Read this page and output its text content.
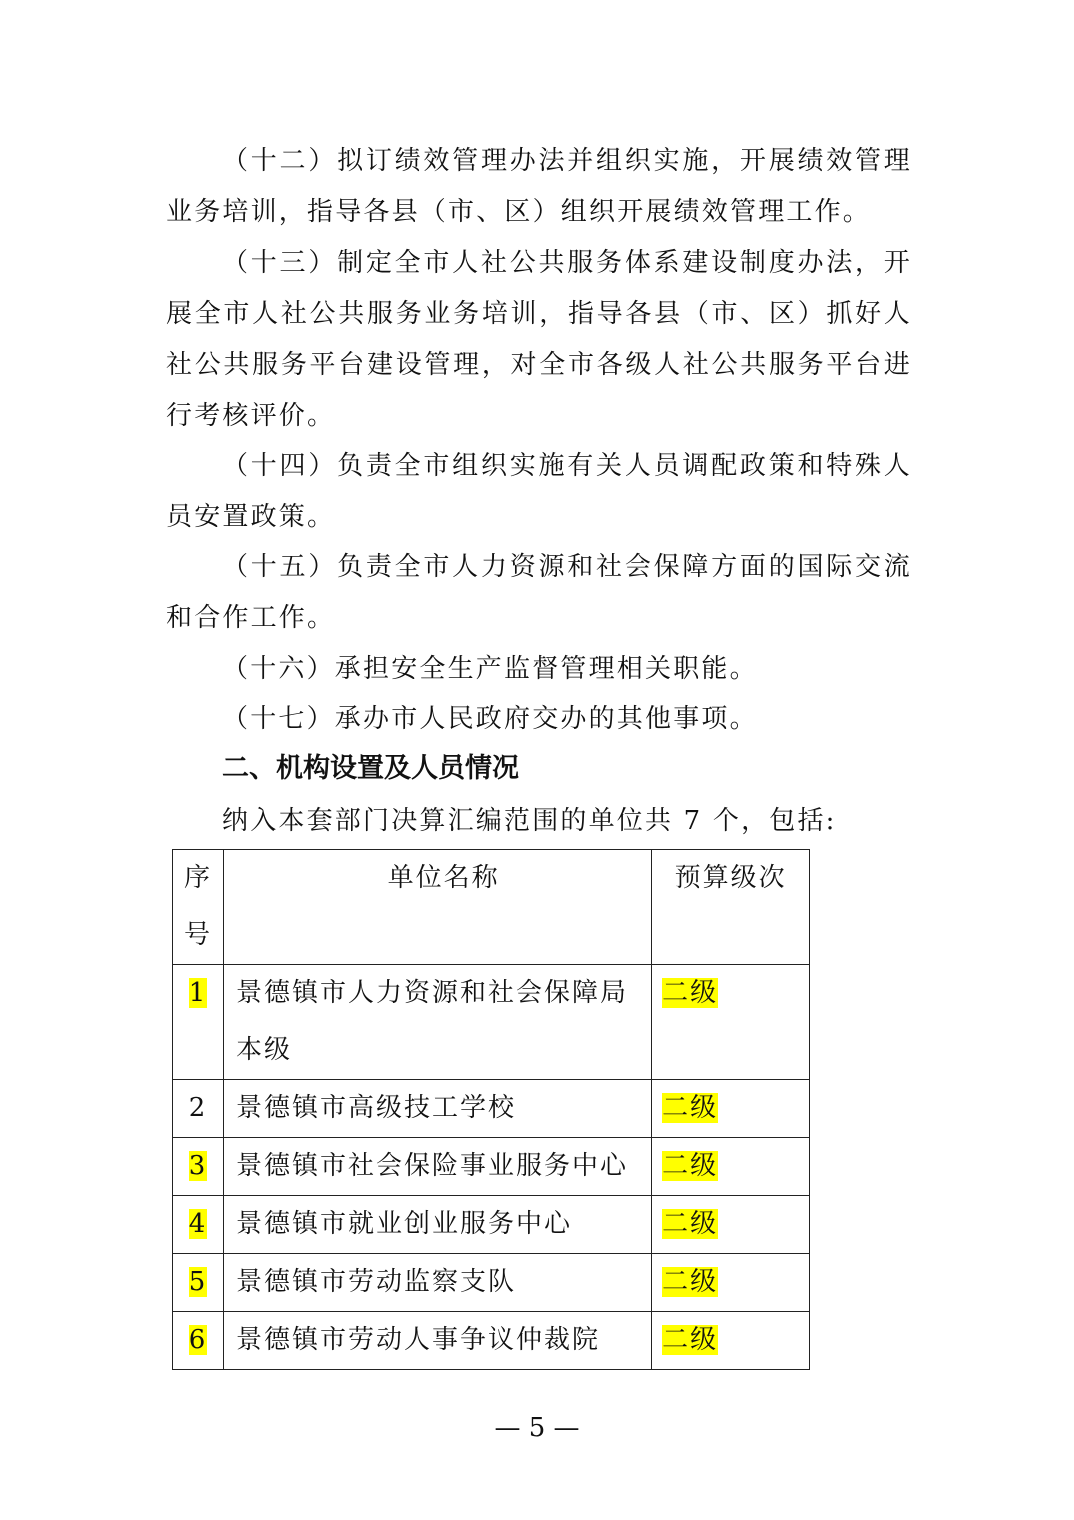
（十二）拟订绩效管理办法并组织实施，开展绩效管理业务培训，指导各县（市、区）组织开展绩效管理工作。

（十三）制定全市人社公共服务体系建设制度办法，开展全市人社公共服务业务培训，指导各县（市、区）抓好人社公共服务平台建设管理，对全市各级人社公共服务平台进行考核评价。

（十四）负责全市组织实施有关人员调配政策和特殊人员安置政策。

（十五）负责全市人力资源和社会保障方面的国际交流和合作工作。

（十六）承担安全生产监督管理相关职能。

（十七）承办市人民政府交办的其他事项。

二、机构设置及人员情况

纳入本套部门决算汇编范围的单位共 7 个，包括:

序号	单位名称	预算级次

1	景德镇市人力资源和社会保障局本级	二级

2	景德镇市高级技工学校	二级

3	景德镇市社会保险事业服务中心	二级

4	景德镇市就业创业服务中心	二级

5	景德镇市劳动监察支队	二级

6	景德镇市劳动人事争议仲裁院	二级
— 5 —
